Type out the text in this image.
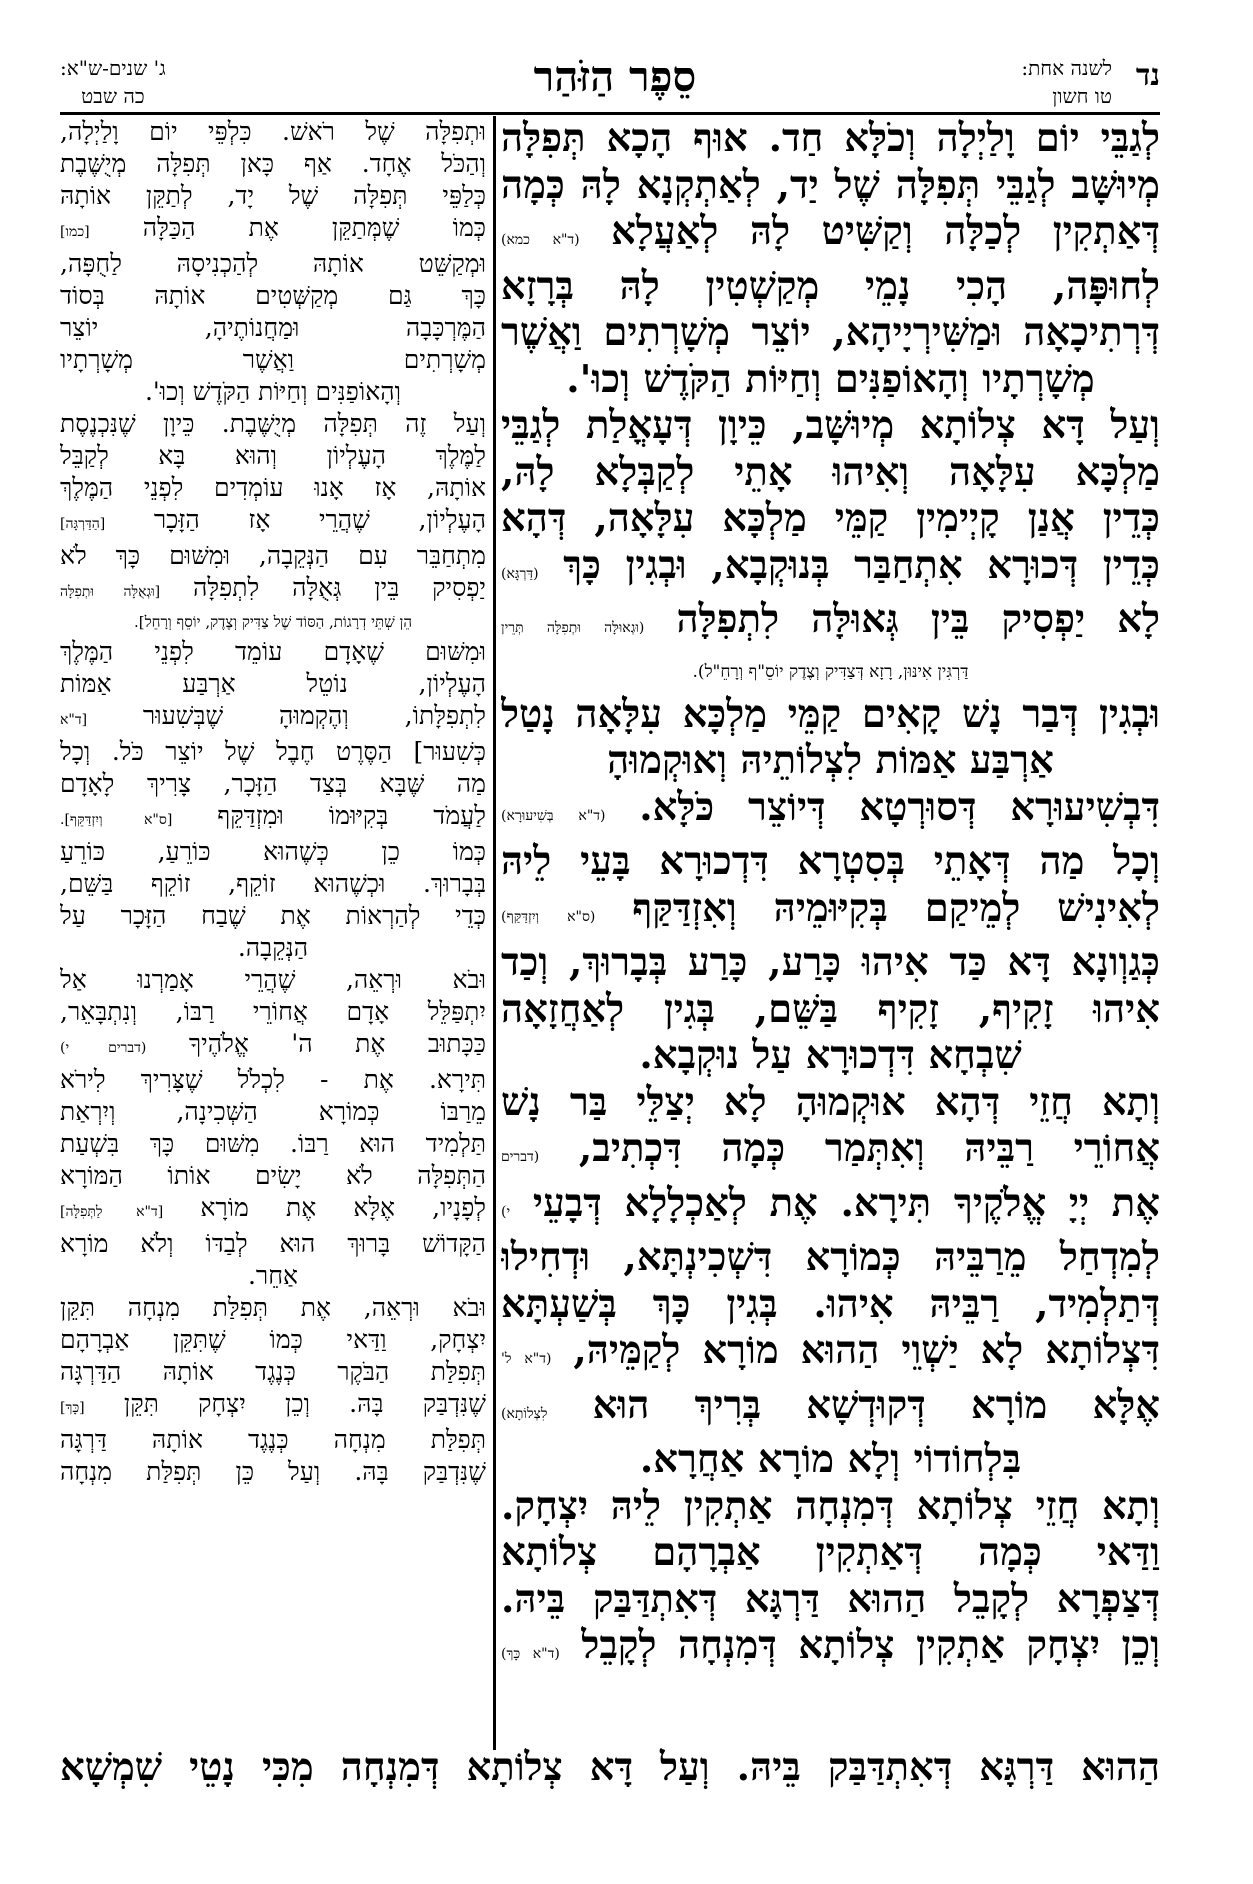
נד
לשנה אחת:
טו חשון
סֵפֶר הַזֹּהַר
ג' שנים-ש"א:
כה שבט

לְגַבֵּי יוֹם וָלַיְלָה וְכֹלָּא חַד. אוּף הָכָא תְּפִלָּה

מְיוּשָּׁב לְגַבֵּי תְּפִלָּה שֶׁל יַד, לְאַתְקְנָא לָהּ כְּמָה

דְּאַתְקִין לְכַלָּה וְקַשִּׁיט לָהּ לְאַעֲלָא (ד"א כמא)

לְחוּפָּה, הָכִי נָמֵי מְקַשְׁטִין לָהּ בְּרָזָא

דְּרְתִיכָאָה וּמַשִּׁירְיָיהָא, יוֹצֵר מְשָׁרְתִים וַאֲשֶׁר

מְשָׁרְתָיו וְהָאוֹפַנִּים וְחַיּוֹת הַקֹּדֶשׁ וְכוּ'.

וְעַל דָּא צְלוֹתָא מְיוּשָּׁב, כֵּיוָן דְּעָאֳלַת לְגַבֵּי

מַלְכָּא עִלָּאָה וְאִיהוּ אָתֵי לְקַבְּלָא לָהּ,

כְּדֵין אֲנַן קָיְימִין קַמֵּי מַלְכָּא עִלָּאָה, דְּהָא

כְּדֵין דְּכוּרָא אִתְחַבַּר בְּנוּקְבָא, וּבְגִין כָּךְ (דַּרְגָּא)

לָא יַפְסִיק בֵּין גְּאוּלָּה לִתְפִלָּה (וּגְאוּלָּה וּתְפִלָּה תְּרֵין

דַּרְגִּין אִינּוּן, רָזָא דְּצַדִּיק וְצֶדֶק יוֹסֵ"ף וְרָחֵ"ל).

וּבְגִין דְּבַר נָשׁ קָאִים קַמֵּי מַלְכָּא עִלָּאָה נָטַל

אַרְבַּע אַמּוֹת לִצְלוֹתֵיהּ וְאוּקְמוּהָ

דִּבְשִׁיעוּרָא דְּסוּרְטָא דְּיוֹצֵר כֹּלָּא. (ד"א בְּשִׁיעוּרָא)

וְכָל מַה דְּאָתֵי בְּסִטְרָא דִּדְכוּרָא בָּעֵי לֵיהּ

לְאִינִישׁ לְמֵיקַם בְּקִיּוּמֵיהּ וְאִזְדַּקַּף (ס"א וְיִזְדַּקַּף)

כְּגַוְונָא דָּא כַּד אִיהוּ כָּרַע, כָּרַע בְּבָרוּךְ, וְכַד

אִיהוּ זָקִיף, זָקִיף בַּשֵּׁם, בְּגִין לְאַחֲזָאָה

שִׁבְחָא דִּדְכוּרָא עַל נוּקְבָא.

וְתָא חֲזֵי דְּהָא אוּקְמוּהָ לָא יְצַלֵּי בַּר נָשׁ

אֲחוֹרֵי רַבֵּיהּ וְאִתְּמַר כְּמָה דִּכְתִיב, (דברים

אֶת יְיָ אֱלֹקֶיךָ תִּירָא. אֶת לְאַכְלָלָא דְּבָעֵי י)

לְמִדְחַל מֵרַבֵּיהּ כְּמוֹרָא דִּשְׁכִינְתָּא, וּדְחִילוּ

דְּתַלְמִיד, רַבֵּיהּ אִיהוּ. בְּגִין כָּךְ בְּשַׁעְתָּא

דִּצְלוֹתָא לָא יַשְׁוֵי הַהוּא מוֹרָא לְקַמֵּיהּ, (ד"א ל'

אֶלָּא מוֹרָא דְּקוּדְשָׁא בְּרִיךְ הוּא לִצְלוֹתָא)

בִּלְחוֹדוֹי וְלָא מוֹרָא אַחֲרָא.

וְתָא חֲזֵי צְלוֹתָא דְּמִנְחָה אַתְקִין לֵיהּ יִצְחָק.

וַדַּאי כְּמָה דְּאַתְקִין אַבְרָהָם צְלוֹתָא

דְּצַפְרָא לְקָבֵל הַהוּא דַּרְגָּא דְּאִתְדַּבַּק בֵּיהּ.

וְכֵן יִצְחָק אַתְקִין צְלוֹתָא דְּמִנְחָה לְקָבֵל (ד"א כָּךְ)

וּתְפִלָּה שֶׁל רֹאשׁ. כִּלְפֵּי יוֹם וָלַיְלָה,

וְהַכֹּל אֶחָד. אַף כָּאן תְּפִלָּה מְיֻשֶּׁבֶת

כְּלַפֵּי תְּפִלָּה שֶׁל יָד, לְתַקֵּן אוֹתָהּ

כְּמוֹ שֶׁמְּתַקֵּן אֶת הַכַּלָּה [כמו]

וּמְקַשֵּׁט אוֹתָהּ לְהַכְנִיסָהּ לַחֻפָּה,

כָּךְ גַּם מְקַשְּׁטִים אוֹתָהּ בְּסוֹד

הַמֶּרְכָּבָה וּמַחֲנוֹתֶיהָ, יוֹצֵר

מְשָׁרְתִים וַאֲשֶׁר מְשָׁרְתָיו

וְהָאוֹפַנִּים וְחַיּוֹת הַקֹּדֶשׁ וְכוּ'.

וְעַל זֶה תְּפִלָּה מְיֻשֶּׁבֶת. כֵּיוָן שֶׁנִּכְנֶסֶת

לַמֶּלֶךְ הָעֶלְיוֹן וְהוּא בָּא לְקַבֵּל

אוֹתָהּ, אָז אָנוּ עוֹמְדִים לִפְנֵי הַמֶּלֶךְ

הָעֶלְיוֹן, שֶׁהֲרֵי אָז הַזָּכָר [הַדַּרְגָּה]

מִתְחַבֵּר עִם הַנְּקֵבָה, וּמִשּׁוּם כָּךְ לֹא

יַפְסִיק בֵּין גְּאֻלָּה לִתְפִלָּה [וּגְאֻלָּה וּתְפִלָּה

הֵן שְׁתֵּי דְרָגוֹת, הַסּוֹד שֶׁל צַדִּיק וְצֶדֶק, יוֹסֵף וְרָחֵל].

וּמִשּׁוּם שֶׁאָדָם עוֹמֵד לִפְנֵי הַמֶּלֶךְ

הָעֶלְיוֹן, נוֹטֵל אַרְבַּע אַמּוֹת

לִתְפִלָּתוֹ, וְהֶקְמוּהָ שֶׁבְּשִׁעוּר [ד"א

כְּשִׁעוּר] הַסֶּרֶט חֶבֶל שֶׁל יוֹצֵר כֹּל. וְכָל

מַה שֶּׁבָּא בְּצַד הַזָּכָר, צָרִיךְ לָאָדָם

לַעֲמֹד בְּקִיּוּמוֹ וּמִזְדַּקֵּף [ס"א וְיִזְדַּקֵּף].

כְּמוֹ כֵן כְּשֶׁהוּא כּוֹרֵעַ, כּוֹרֵעַ

בְּבָרוּךְ. וּכְשֶׁהוּא זוֹקֵף, זוֹקֵף בַּשֵּׁם,

כְּדֵי לְהַרְאוֹת אֶת שֶׁבַח הַזָּכָר עַל

הַנְּקֵבָה.

וּבֹא וּרְאֵה, שֶׁהֲרֵי אָמַרְנוּ אַל

יִתְפַּלֵּל אָדָם אֲחוֹרֵי רַבּוֹ, וְנִתְבָּאֵר,

כַּכָּתוּב אֶת ה' אֱלֹהֶיךָ (דברים י)

תִּירָא. אֶת - לִכְלֹל שֶׁצָּרִיךְ לִירֹא

מֵרַבּוֹ כְּמוֹרָא הַשְּׁכִינָה, וְיִרְאַת

תַּלְמִיד הוּא רַבּוֹ. מִשּׁוּם כָּךְ בִּשְׁעַת

הַתְּפִלָּה לֹא יָשִׂים אוֹתוֹ הַמּוֹרָא

לְפָנָיו, אֶלָּא אֶת מוֹרָא [ד"א לַתְּפִלָּה]

הַקָּדוֹשׁ בָּרוּךְ הוּא לְבַדּוֹ וְלֹא מוֹרָא

אַחֵר.

וּבֹא וּרְאֵה, אֶת תְּפִלַּת מִנְחָה תִּקֵּן

יִצְחָק, וַדַּאי כְּמוֹ שֶׁתִּקֵּן אַבְרָהָם

תְּפִלַּת הַבֹּקֶר כְּנֶגֶד אוֹתָהּ הַדַּרְגָּה

שֶׁנִּדְבַּק בָּהּ. וְכֵן יִצְחָק תִּקֵּן [כָּךְ]

תְּפִלַּת מִנְחָה כְּנֶגֶד אוֹתָהּ דַּרְגָּה

שֶׁנִּדְבַּק בָּהּ. וְעַל כֵּן תְּפִלַּת מִנְחָה

הַהוּא דַּרְגָּא דְּאִתְדַּבַּק בֵּיהּ. וְעַל דָּא צְלוֹתָא דְּמִנְחָה מִכִּי נָטֵי שִׁמְשָׁא
